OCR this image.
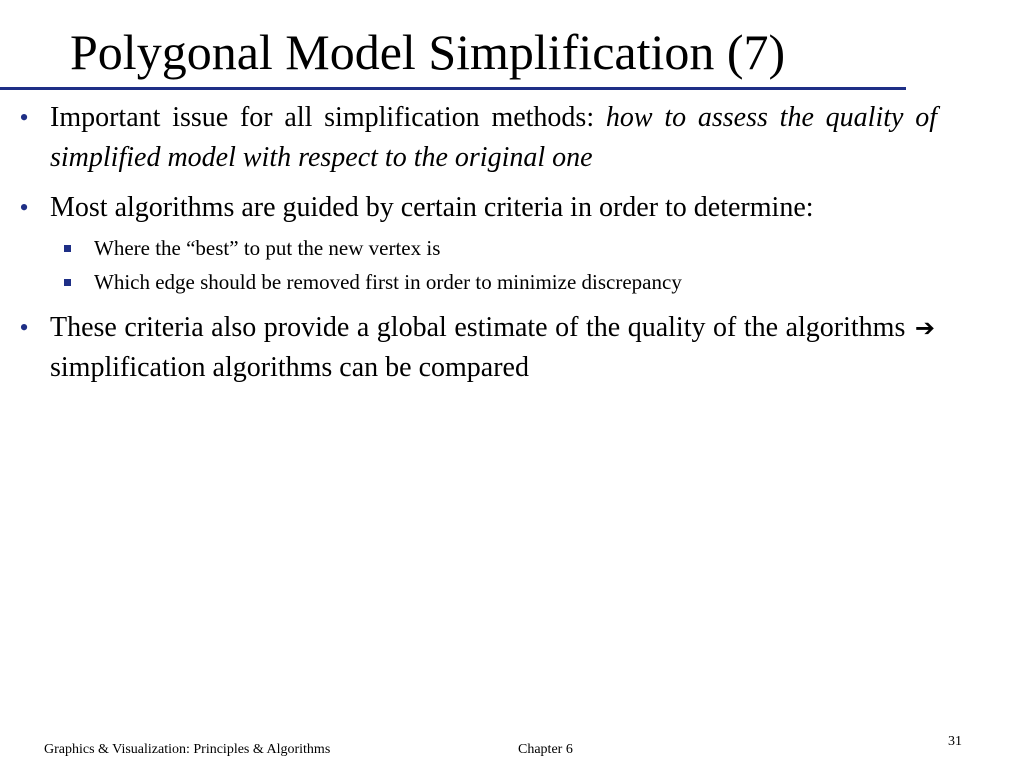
Polygonal Model Simplification (7)
• Important issue for all simplification methods: how to assess the quality of simplified model with respect to the original one
• Most algorithms are guided by certain criteria in order to determine:
Where the “best” to put the new vertex is
Which edge should be removed first in order to minimize discrepancy
• These criteria also provide a global estimate of the quality of the algorithms ➔ simplification algorithms can be compared
Graphics & Visualization: Principles & Algorithms	Chapter 6
31
